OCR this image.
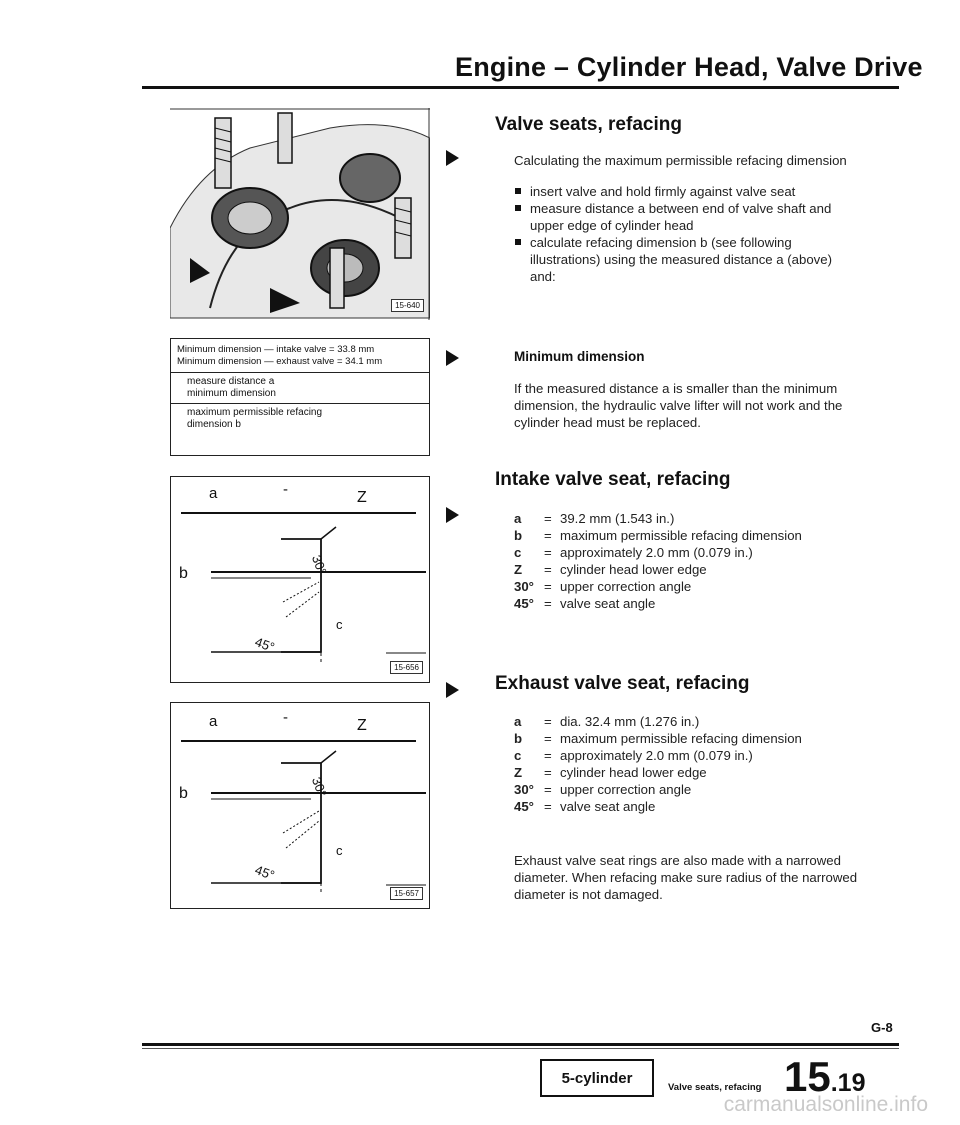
Engine – Cylinder Head, Valve Drive
15-640
Minimum dimension — intake valve = 33.8 mm
Minimum dimension — exhaust valve = 34.1 mm
measure distance a
minimum dimension
maximum permissible refacing
dimension b
a	-	Z
b
c
30°
45°
15-656
a	-	Z
b
c
30°
45°
15-657
Valve seats, refacing
Calculating the maximum permissible refacing dimension
insert valve and hold firmly against valve seat
measure distance a between end of valve shaft and upper edge of cylinder head
calculate refacing dimension b (see following illustrations) using the measured distance a (above) and:
Minimum dimension
If the measured distance a is smaller than the minimum dimension, the hydraulic valve lifter will not work and the cylinder head must be replaced.
Intake valve seat, refacing
a	=	39.2 mm (1.543 in.)
b	=	maximum permissible refacing dimension
c	=	approximately 2.0 mm (0.079 in.)
Z	=	cylinder head lower edge
30°	=	upper correction angle
45°	=	valve seat angle
Exhaust valve seat, refacing
a	=	dia. 32.4 mm (1.276 in.)
b	=	maximum permissible refacing dimension
c	=	approximately 2.0 mm (0.079 in.)
Z	=	cylinder head lower edge
30°	=	upper correction angle
45°	=	valve seat angle
Exhaust valve seat rings are also made with a narrowed diameter. When refacing make sure radius of the narrowed diameter is not damaged.
G-8
5-cylinder
Valve seats, refacing 15.19
carmanualsonline.info
